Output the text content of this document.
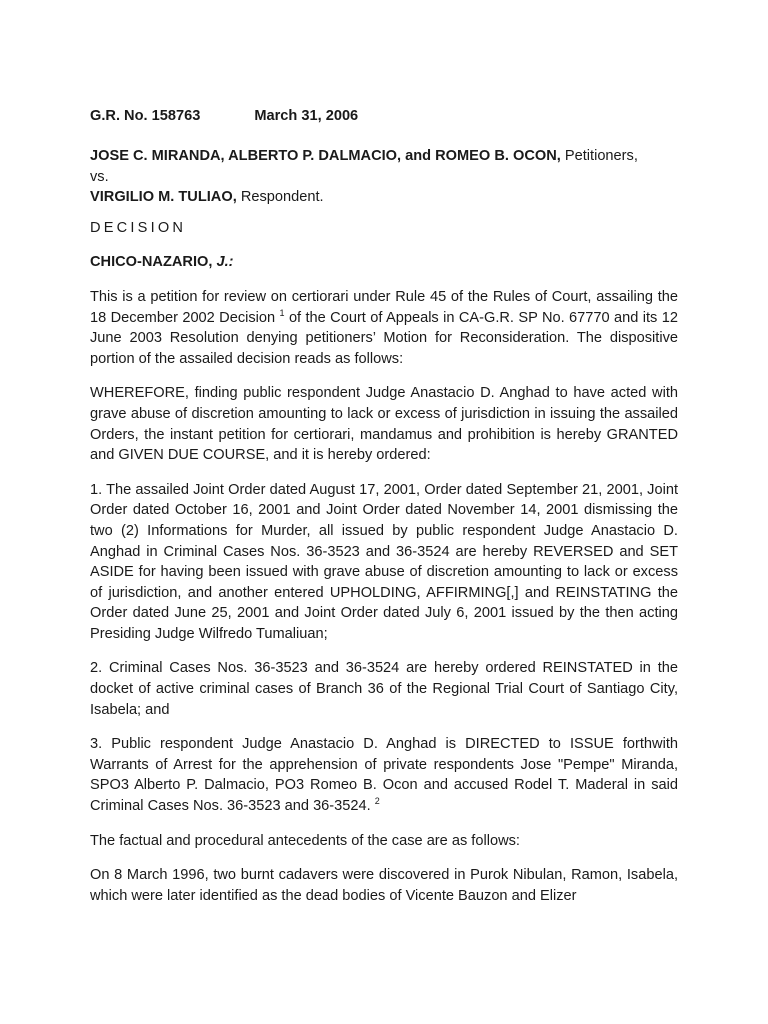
G.R. No. 158763	March 31, 2006

JOSE C. MIRANDA, ALBERTO P. DALMACIO, and ROMEO B. OCON, Petitioners,

vs.

VIRGILIO M. TULIAO, Respondent.

DECISION

CHICO-NAZARIO, J.:

This is a petition for review on certiorari under Rule 45 of the Rules of Court, assailing the 18 December 2002 Decision $^1$ of the Court of Appeals in CA-G.R. SP No. 67770 and its 12 June 2003 Resolution denying petitioners’ Motion for Reconsideration. The dispositive portion of the assailed decision reads as follows:

WHEREFORE, finding public respondent Judge Anastacio D. Anghad to have acted with grave abuse of discretion amounting to lack or excess of jurisdiction in issuing the assailed Orders, the instant petition for certiorari, mandamus and prohibition is hereby GRANTED and GIVEN DUE COURSE, and it is hereby ordered:

1. The assailed Joint Order dated August 17, 2001, Order dated September 21, 2001, Joint Order dated October 16, 2001 and Joint Order dated November 14, 2001 dismissing the two (2) Informations for Murder, all issued by public respondent Judge Anastacio D. Anghad in Criminal Cases Nos. 36-3523 and 36-3524 are hereby REVERSED and SET ASIDE for having been issued with grave abuse of discretion amounting to lack or excess of jurisdiction, and another entered UPHOLDING, AFFIRMING[,] and REINSTATING the Order dated June 25, 2001 and Joint Order dated July 6, 2001 issued by the then acting Presiding Judge Wilfredo Tumaliuan;

2. Criminal Cases Nos. 36-3523 and 36-3524 are hereby ordered REINSTATED in the docket of active criminal cases of Branch 36 of the Regional Trial Court of Santiago City, Isabela; and

3. Public respondent Judge Anastacio D. Anghad is DIRECTED to ISSUE forthwith Warrants of Arrest for the apprehension of private respondents Jose "Pempe" Miranda, SPO3 Alberto P. Dalmacio, PO3 Romeo B. Ocon and accused Rodel T. Maderal in said Criminal Cases Nos. 36-3523 and 36-3524. $^2$

The factual and procedural antecedents of the case are as follows:

On 8 March 1996, two burnt cadavers were discovered in Purok Nibulan, Ramon, Isabela, which were later identified as the dead bodies of Vicente Bauzon and Elizer
